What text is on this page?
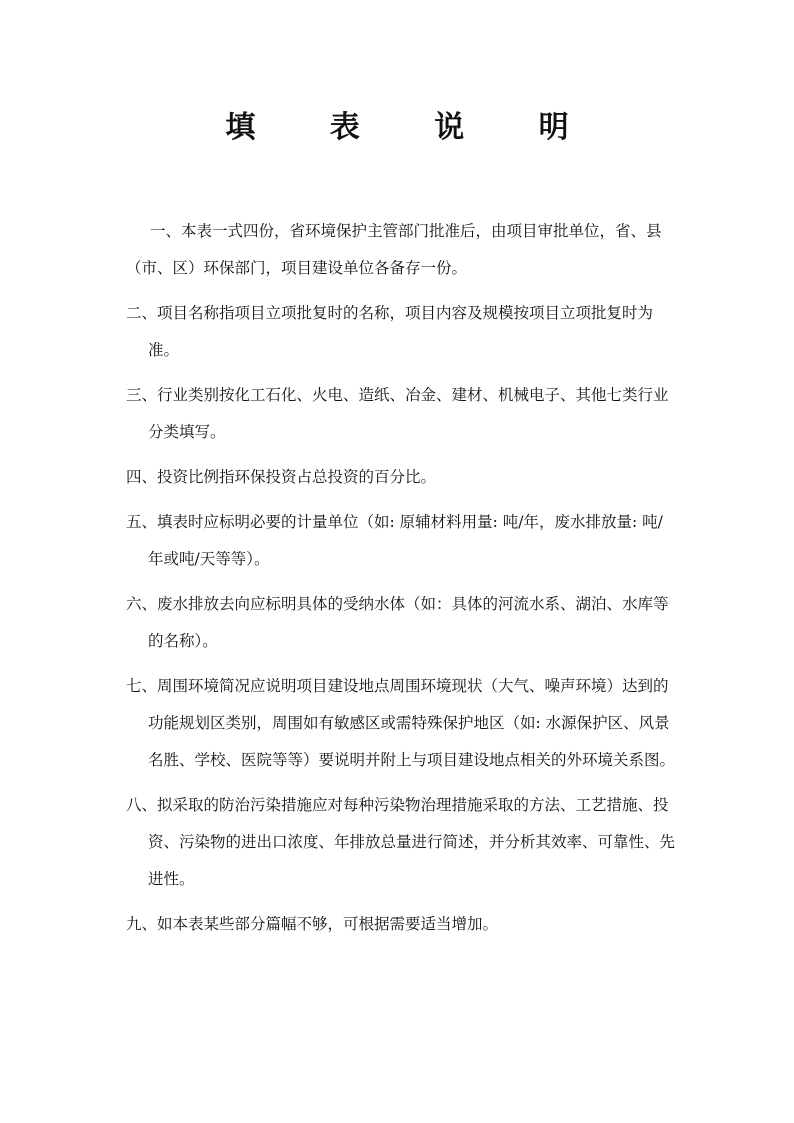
填 表 说 明

一、本表一式四份，省环境保护主管部门批准后，由项目审批单位，省、县（市、区）环保部门，项目建设单位各备存一份。

二、项目名称指项目立项批复时的名称，项目内容及规模按项目立项批复时为准。

三、行业类别按化工石化、火电、造纸、冶金、建材、机械电子、其他七类行业分类填写。

四、投资比例指环保投资占总投资的百分比。

五、填表时应标明必要的计量单位（如: 原辅材料用量: 吨/年，废水排放量: 吨/年或吨/天等等）。

六、废水排放去向应标明具体的受纳水体（如：具体的河流水系、湖泊、水库等的名称）。

七、周围环境简况应说明项目建设地点周围环境现状（大气、噪声环境）达到的功能规划区类别，周围如有敏感区或需特殊保护地区（如: 水源保护区、风景名胜、学校、医院等等）要说明并附上与项目建设地点相关的外环境关系图。

八、拟采取的防治污染措施应对每种污染物治理措施采取的方法、工艺措施、投资、污染物的进出口浓度、年排放总量进行简述，并分析其效率、可靠性、先进性。

九、如本表某些部分篇幅不够，可根据需要适当增加。
